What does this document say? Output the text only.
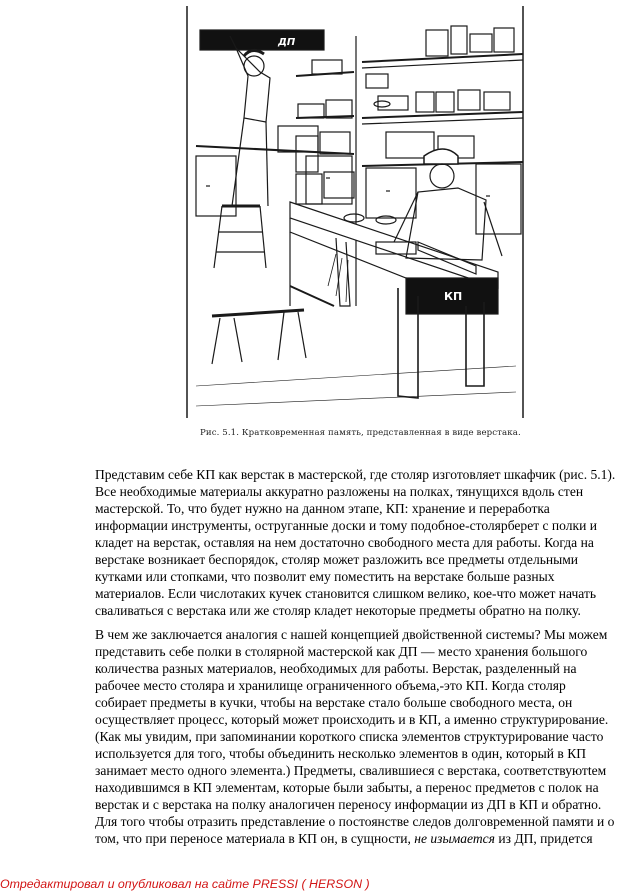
ДП
КП
Рис. 5.1. Кратковременная память, представленная в виде верстака.
Представим себе КП как верстак в мастерской, где столяр изготовляет шкафчик (рис. 5.1).
Все необходимые материалы аккуратно разложены на полках, тянущихся вдоль стен
мастерской. То, что будет нужно на данном этапе, КП: хранение и переработка
информации инструменты, оструганные доски и тому подобное-столярберет с полки и
кладет на верстак, оставляя на нем достаточно свободного места для работы. Когда на
верстаке возникает беспорядок, столяр может разложить все предметы отдельными
кутками или стопками, что позволит ему поместить на верстаке больше разных
материалов. Если числотаких кучек становится слишком велико, кое-что может начать
сваливаться с верстака или же столяр кладет некоторые предметы обратно на полку.
В чем же заключается аналогия с нашей концепцией двойственной системы? Мы можем
представить себе полки в столярной мастерской как ДП — место хранения большого
количества разных материалов, необходимых для работы. Верстак, разделенный на
рабочее место столяра и хранилище ограниченного объема,-это КП. Когда столяр
собирает предметы в кучки, чтобы на верстаке стало больше свободного места, он
осуществляет процесс, который может происходить и в КП, а именно структурирование.
(Как мы увидим, при запоминании короткого списка элементов структурирование часто
используется для того, чтобы объединить несколько элементов в один, который в КП
занимает место одного элемента.) Предметы, свалившиеся с верстака, соответствуютtем
находившимся в КП элементам, которые были забыты, а перенос предметов с полок на
верстак и с верстака на полку аналогичен переносу информации из ДП в КП и обратно.
Для того чтобы отразить представление о постоянстве следов долговременной памяти и о
том, что при переносе материала в КП он, в сущности, не изымается из ДП, придется
Отредактировал и опубликовал на сайте PRESSI ( HERSON )
